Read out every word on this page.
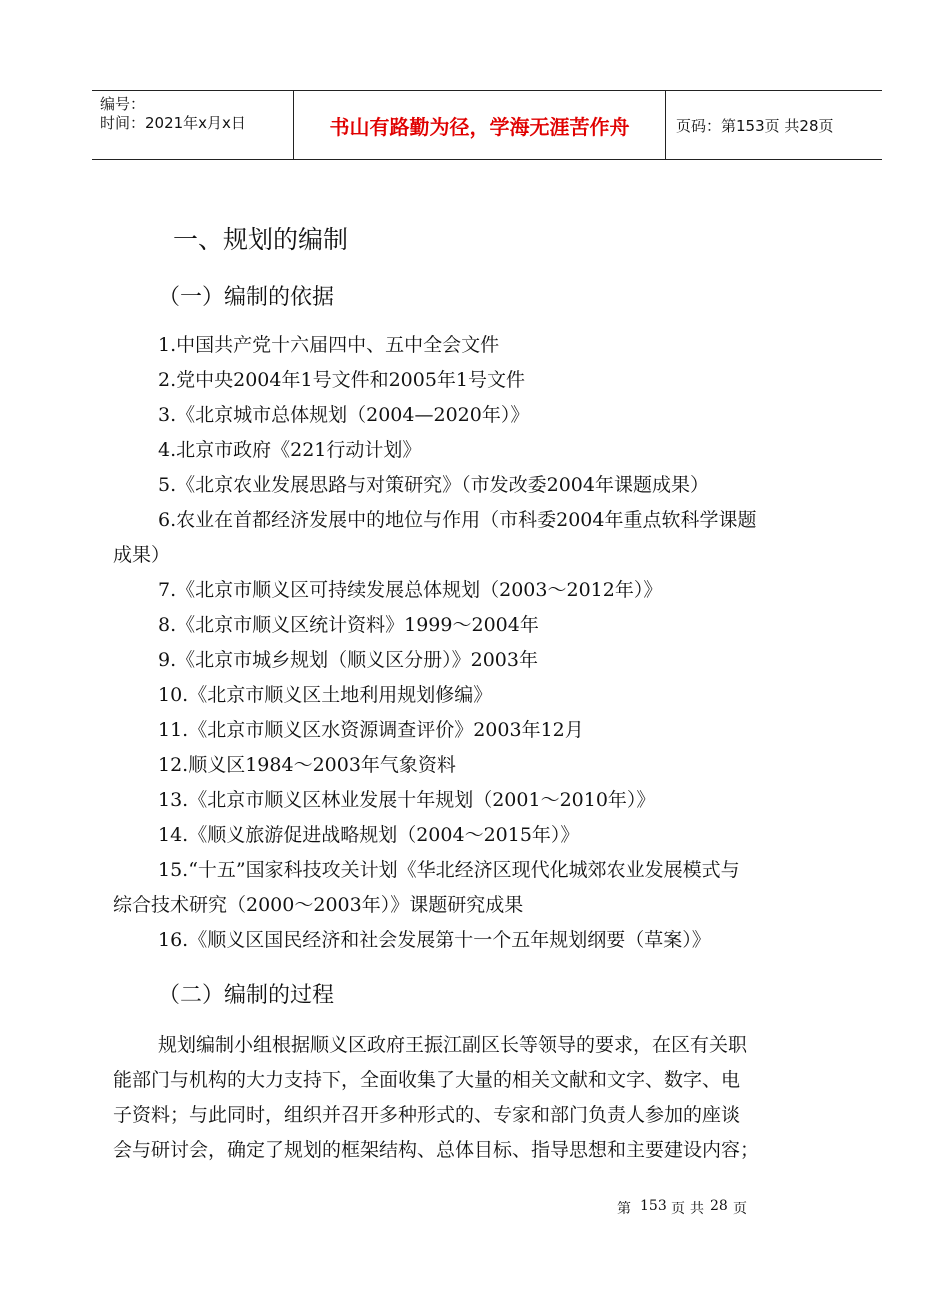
编号：
时间：2021年x月x日	书山有路勤为径，学海无涯苦作舟	页码：第153页 共28页
一、规划的编制
（一）编制的依据
1.中国共产党十六届四中、五中全会文件
2.党中央2004年1号文件和2005年1号文件
3.《北京城市总体规划（2004—2020年）》
4.北京市政府《221行动计划》
5.《北京农业发展思路与对策研究》（市发改委2004年课题成果）
6.农业在首都经济发展中的地位与作用（市科委2004年重点软科学课题
成果）
7.《北京市顺义区可持续发展总体规划（2003～2012年）》
8.《北京市顺义区统计资料》1999～2004年
9.《北京市城乡规划（顺义区分册）》2003年
10.《北京市顺义区土地利用规划修编》
11.《北京市顺义区水资源调查评价》2003年12月
12.顺义区1984～2003年气象资料
13.《北京市顺义区林业发展十年规划（2001～2010年）》
14.《顺义旅游促进战略规划（2004～2015年）》
15.“十五”国家科技攻关计划《华北经济区现代化城郊农业发展模式与
综合技术研究（2000～2003年）》课题研究成果
16.《顺义区国民经济和社会发展第十一个五年规划纲要（草案）》
（二）编制的过程
规划编制小组根据顺义区政府王振江副区长等领导的要求，在区有关职
能部门与机构的大力支持下，全面收集了大量的相关文献和文字、数字、电
子资料；与此同时，组织并召开多种形式的、专家和部门负责人参加的座谈
会与研讨会，确定了规划的框架结构、总体目标、指导思想和主要建设内容；
第 153 页 共 28 页
